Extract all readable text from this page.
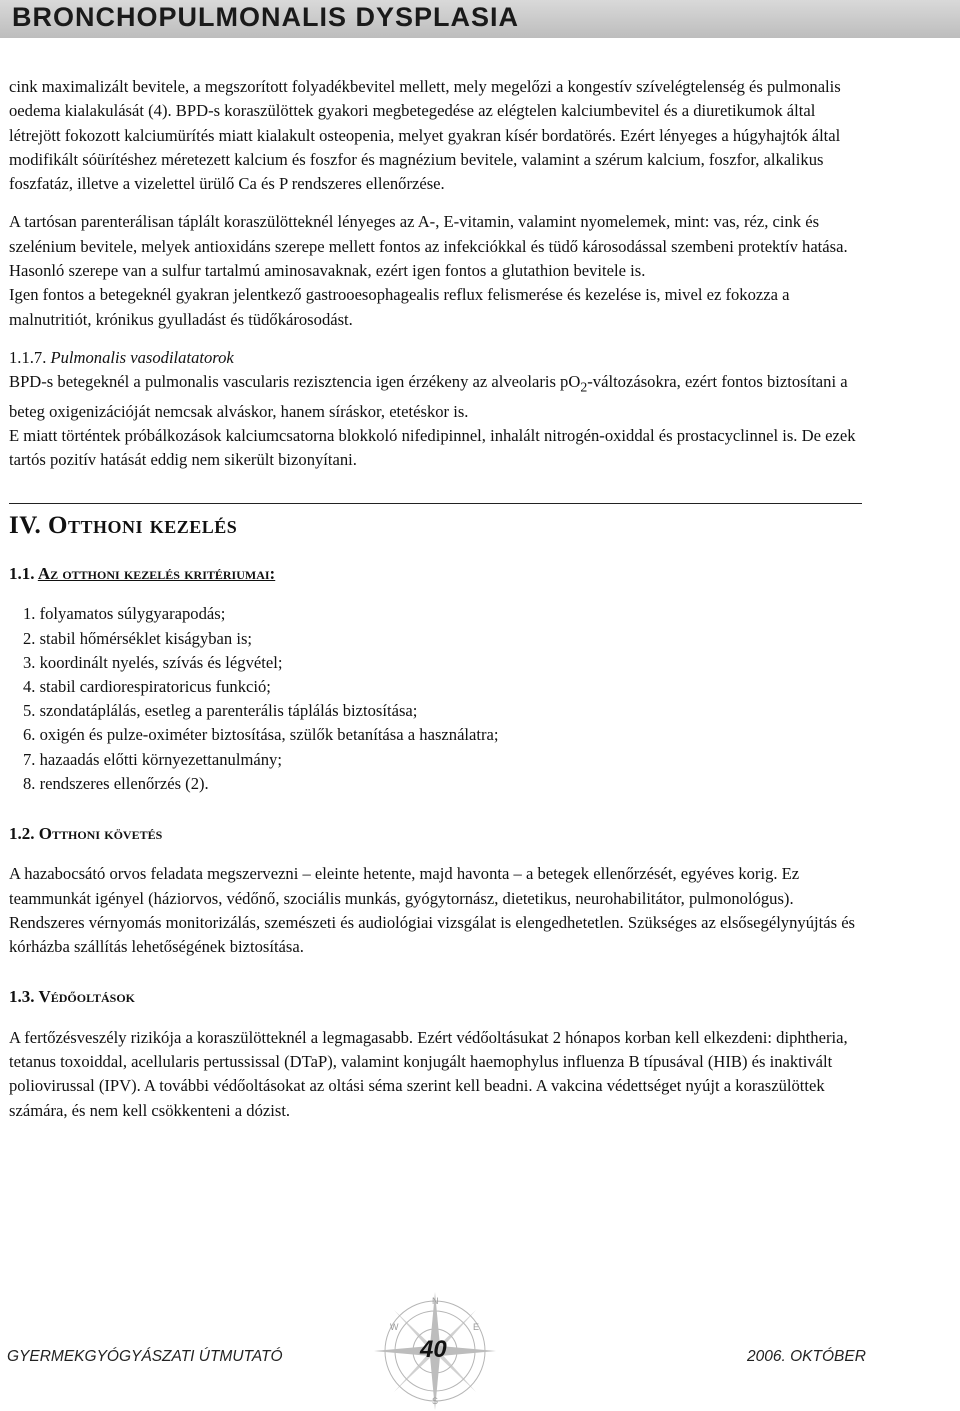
BRONCHOPULMONALIS DYSPLASIA

cink maximalizált bevitele, a megszorított folyadékbevitel mellett, mely megelőzi a kongestív szívelégtelenség és pulmonalis oedema kialakulását (4). BPD-s koraszülöttek gyakori megbetegedése az elégtelen kalciumbevitel és a diuretikumok által létrejött fokozott kalciumürítés miatt kialakult osteopenia, melyet gyakran kísér bordatörés. Ezért lényeges a húgyhajtók által modifikált sóürítéshez méretezett kalcium és foszfor és magnézium bevitele, valamint a szérum kalcium, foszfor, alkalikus foszfatáz, illetve a vizelettel ürülő Ca és P rendszeres ellenőrzése.

A tartósan parenterálisan táplált koraszülötteknél lényeges az A-, E-vitamin, valamint nyomelemek, mint: vas, réz, cink és szelénium bevitele, melyek antioxidáns szerepe mellett fontos az infekciókkal és tüdő károsodással szembeni protektív hatása. Hasonló szerepe van a sulfur tartalmú aminosavaknak, ezért igen fontos a glutathion bevitele is.

Igen fontos a betegeknél gyakran jelentkező gastrooesophagealis reflux felismerése és kezelése is, mivel ez fokozza a malnutritiót, krónikus gyulladást és tüdőkárosodást.

1.1.7. Pulmonalis vasodilatatorok

BPD-s betegeknél a pulmonalis vascularis rezisztencia igen érzékeny az alveolaris $pO_2$-változásokra, ezért fontos biztosítani a beteg oxigenizációját nemcsak alváskor, hanem síráskor, etetéskor is.

E miatt történtek próbálkozások kalciumcsatorna blokkoló nifedipinnel, inhalált nitrogén-oxiddal és prostacyclinnel is. De ezek tartós pozitív hatását eddig nem sikerült bizonyítani.

IV. Otthoni kezelés
1.1. Az otthoni kezelés kritériumai:
1. folyamatos súlygyarapodás;
2. stabil hőmérséklet kiságyban is;
3. koordinált nyelés, szívás és légvétel;
4. stabil cardiorespiratoricus funkció;
5. szondatáplálás, esetleg a parenterális táplálás biztosítása;
6. oxigén és pulze-oximéter biztosítása, szülők betanítása a használatra;
7. hazaadás előtti környezettanulmány;
8. rendszeres ellenőrzés (2).
1.2. Otthoni követés

A hazabocsátó orvos feladata megszervezni – eleinte hetente, majd havonta – a betegek ellenőrzését, egyéves korig. Ez teammunkát igényel (háziorvos, védőnő, szociális munkás, gyógytornász, dietetikus, neurohabilitátor, pulmonológus). Rendszeres vérnyomás monitorizálás, szemészeti és audiológiai vizsgálat is elengedhetetlen. Szükséges az elsősegélynyújtás és kórházba szállítás lehetőségének biztosítása.

1.3. Védőoltások

A fertőzésveszély rizikója a koraszülötteknél a legmagasabb. Ezért védőoltásukat 2 hónapos korban kell elkezdeni: diphtheria, tetanus toxoiddal, acellularis pertussissal (DTaP), valamint konjugált haemophylus influenza B típusával (HIB) és inaktivált poliovirussal (IPV). A további védőoltásokat az oltási séma szerint kell beadni. A vakcina védettséget nyújt a koraszülöttek számára, és nem kell csökkenteni a dózist.

N
W	E
S
GYERMEKGYÓGYÁSZATI ÚTMUTATÓ	2006. OKTÓBER
40
